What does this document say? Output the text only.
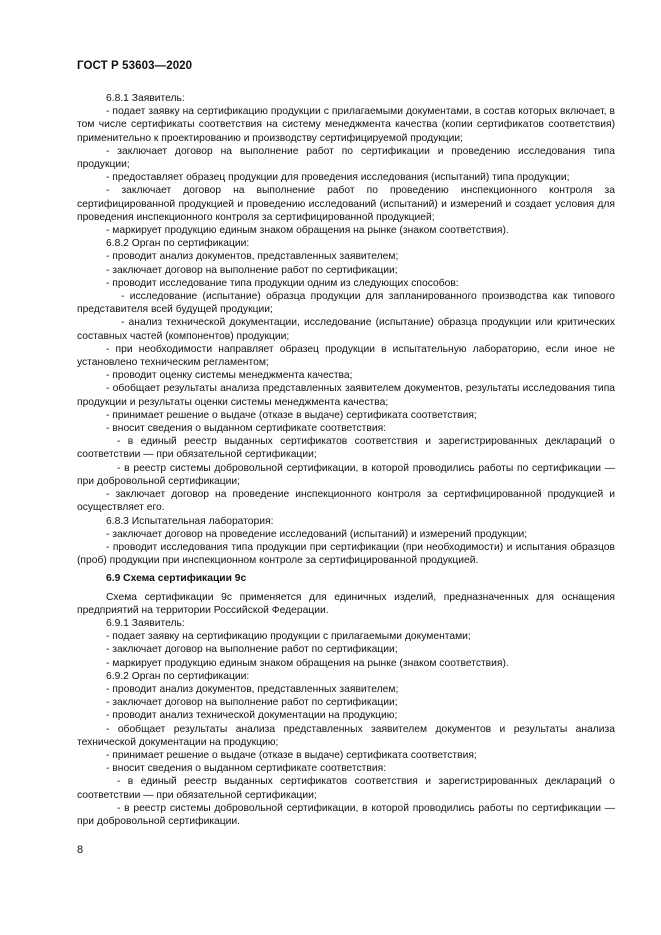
ГОСТ Р 53603—2020

6.8.1 Заявитель:

- подает заявку на сертификацию продукции с прилагаемыми документами, в состав которых включает, в том числе сертификаты соответствия на систему менеджмента качества (копии сертификатов соответствия) применительно к проектированию и производству сертифицируемой продукции;

- заключает договор на выполнение работ по сертификации и проведению исследования типа продукции;

- предоставляет образец продукции для проведения исследования (испытаний) типа продукции;

- заключает договор на выполнение работ по проведению инспекционного контроля за сертифицированной продукцией и проведению исследований (испытаний) и измерений и создает условия для проведения инспекционного контроля за сертифицированной продукцией;

- маркирует продукцию единым знаком обращения на рынке (знаком соответствия).

6.8.2 Орган по сертификации:

- проводит анализ документов, представленных заявителем;

- заключает договор на выполнение работ по сертификации;

- проводит исследование типа продукции одним из следующих способов:

- исследование (испытание) образца продукции для запланированного производства как типового представителя всей будущей продукции;

- анализ технической документации, исследование (испытание) образца продукции или критических составных частей (компонентов) продукции;

- при необходимости направляет образец продукции в испытательную лабораторию, если иное не установлено техническим регламентом;

- проводит оценку системы менеджмента качества;

- обобщает результаты анализа представленных заявителем документов, результаты исследования типа продукции и результаты оценки системы менеджмента качества;

- принимает решение о выдаче (отказе в выдаче) сертификата соответствия;

- вносит сведения о выданном сертификате соответствия:

- в единый реестр выданных сертификатов соответствия и зарегистрированных деклараций о соответствии — при обязательной сертификации;

- в реестр системы добровольной сертификации, в которой проводились работы по сертификации — при добровольной сертификации;

- заключает договор на проведение инспекционного контроля за сертифицированной продукцией и осуществляет его.

6.8.3 Испытательная лаборатория:

- заключает договор на проведение исследований (испытаний) и измерений продукции;

- проводит исследования типа продукции при сертификации (при необходимости) и испытания образцов (проб) продукции при инспекционном контроле за сертифицированной продукцией.

6.9 Схема сертификации 9с

Схема сертификации 9с применяется для единичных изделий, предназначенных для оснащения предприятий на территории Российской Федерации.

6.9.1 Заявитель:

- подает заявку на сертификацию продукции с прилагаемыми документами;

- заключает договор на выполнение работ по сертификации;

- маркирует продукцию единым знаком обращения на рынке (знаком соответствия).

6.9.2 Орган по сертификации:

- проводит анализ документов, представленных заявителем;

- заключает договор на выполнение работ по сертификации;

- проводит анализ технической документации на продукцию;

- обобщает результаты анализа представленных заявителем документов и результаты анализа технической документации на продукцию;

- принимает решение о выдаче (отказе в выдаче) сертификата соответствия;

- вносит сведения о выданном сертификате соответствия:

- в единый реестр выданных сертификатов соответствия и зарегистрированных деклараций о соответствии — при обязательной сертификации;

- в реестр системы добровольной сертификации, в которой проводились работы по сертификации — при добровольной сертификации.

8
